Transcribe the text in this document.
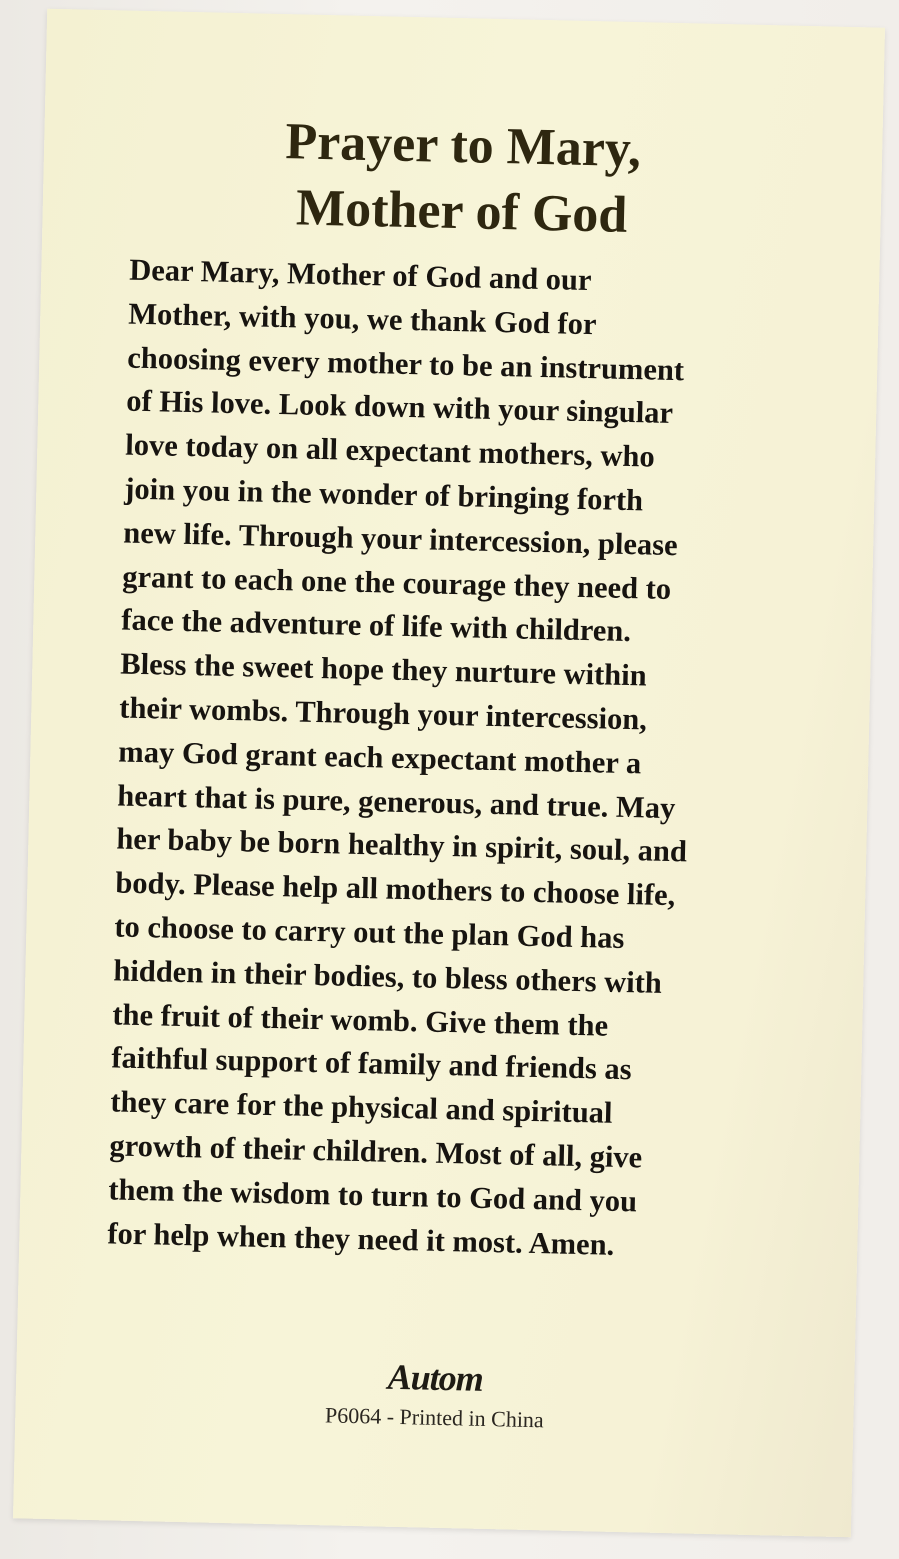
Prayer to Mary,
Mother of God
Dear Mary, Mother of God and our
Mother, with you, we thank God for
choosing every mother to be an instrument
of His love. Look down with your singular
love today on all expectant mothers, who
join you in the wonder of bringing forth
new life. Through your intercession, please
grant to each one the courage they need to
face the adventure of life with children.
Bless the sweet hope they nurture within
their wombs. Through your intercession,
may God grant each expectant mother a
heart that is pure, generous, and true. May
her baby be born healthy in spirit, soul, and
body. Please help all mothers to choose life,
to choose to carry out the plan God has
hidden in their bodies, to bless others with
the fruit of their womb. Give them the
faithful support of family and friends as
they care for the physical and spiritual
growth of their children. Most of all, give
them the wisdom to turn to God and you
for help when they need it most. Amen.
Autom
P6064 - Printed in China
